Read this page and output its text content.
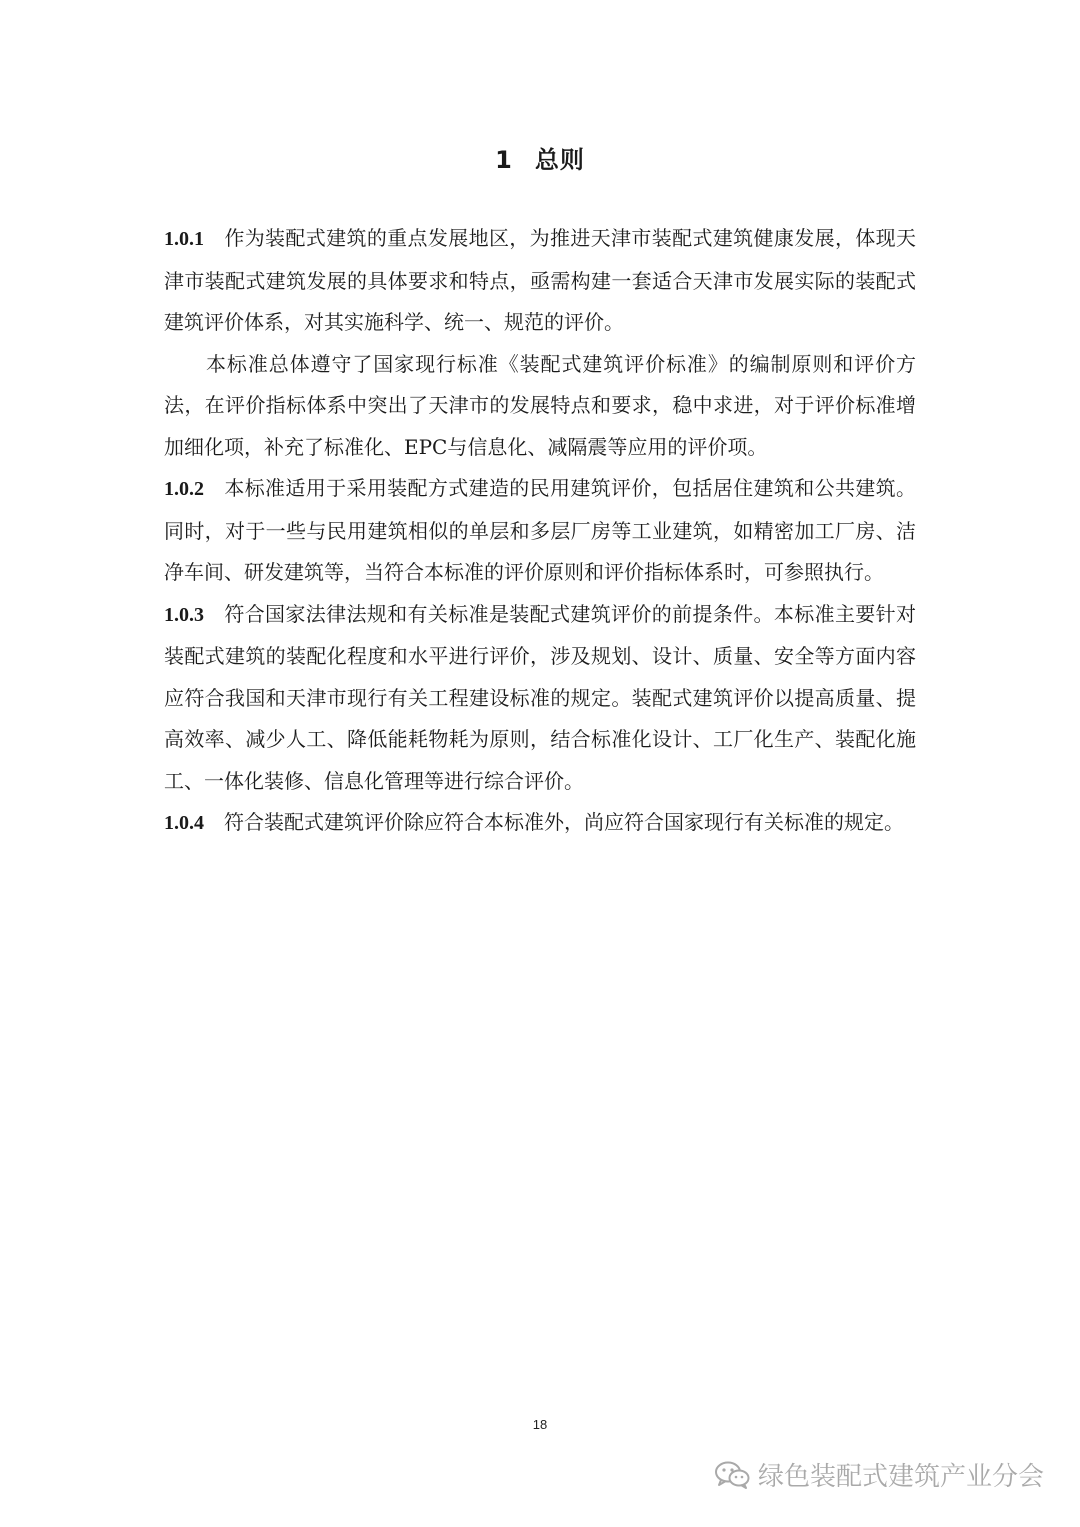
1 总则

1.0.1 作为装配式建筑的重点发展地区，为推进天津市装配式建筑健康发展，体现天津市装配式建筑发展的具体要求和特点，亟需构建一套适合天津市发展实际的装配式建筑评价体系，对其实施科学、统一、规范的评价。

本标准总体遵守了国家现行标准《装配式建筑评价标准》的编制原则和评价方法，在评价指标体系中突出了天津市的发展特点和要求，稳中求进，对于评价标准增加细化项，补充了标准化、EPC与信息化、减隔震等应用的评价项。

1.0.2 本标准适用于采用装配方式建造的民用建筑评价，包括居住建筑和公共建筑。同时，对于一些与民用建筑相似的单层和多层厂房等工业建筑，如精密加工厂房、洁净车间、研发建筑等，当符合本标准的评价原则和评价指标体系时，可参照执行。

1.0.3 符合国家法律法规和有关标准是装配式建筑评价的前提条件。本标准主要针对装配式建筑的装配化程度和水平进行评价，涉及规划、设计、质量、安全等方面内容应符合我国和天津市现行有关工程建设标准的规定。装配式建筑评价以提高质量、提高效率、减少人工、降低能耗物耗为原则，结合标准化设计、工厂化生产、装配化施工、一体化装修、信息化管理等进行综合评价。

1.0.4 符合装配式建筑评价除应符合本标准外，尚应符合国家现行有关标准的规定。

18
绿色装配式建筑产业分会
